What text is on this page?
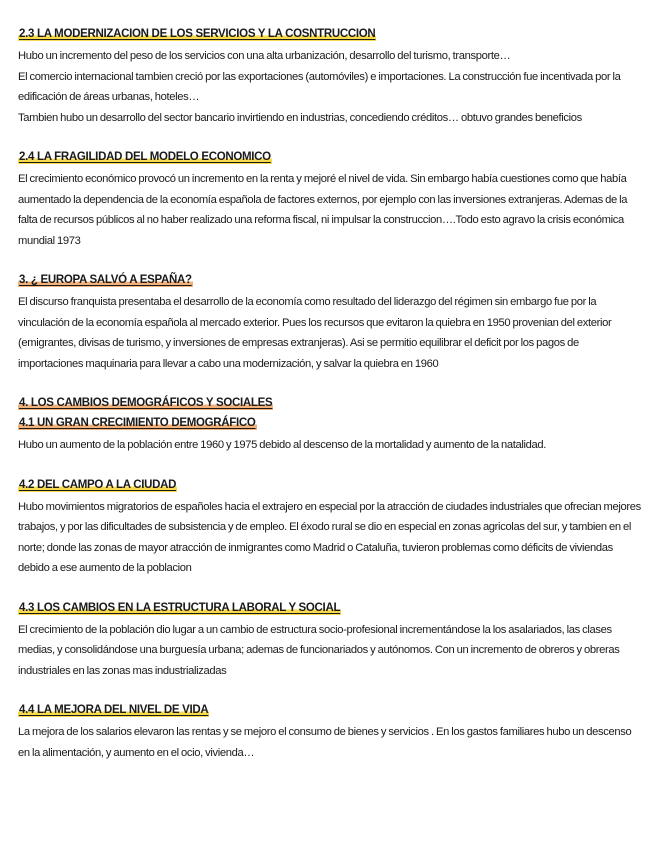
2.3 LA MODERNIZACION DE LOS SERVICIOS Y LA COSNTRUCCION

Hubo un incremento del peso de los servicios con una alta urbanización, desarrollo del turismo, transporte…

El comercio internacional tambien creció por las exportaciones (automóviles) e importaciones. La construcción fue incentivada por la edificación de áreas urbanas, hoteles…

Tambien hubo un desarrollo del sector bancario invirtiendo en industrias, concediendo créditos… obtuvo grandes beneficios

2.4 LA FRAGILIDAD DEL MODELO ECONOMICO

El crecimiento económico provocó un incremento en la renta y mejoré el nivel de vida. Sin embargo había cuestiones como que había aumentado la dependencia de la economía española de factores externos, por ejemplo con las inversiones extranjeras. Ademas de la falta de recursos públicos al no haber realizado una reforma fiscal, ni impulsar la construccion….Todo esto agravo la crisis económica mundial 1973

3. ¿ EUROPA SALVÓ A ESPAÑA?

El discurso franquista presentaba el desarrollo de la economía como resultado del liderazgo del régimen sin embargo fue por la vinculación de la economía española al mercado exterior. Pues los recursos que evitaron la quiebra en 1950 provenian del exterior (emigrantes, divisas de turismo, y inversiones de empresas extranjeras). Asi se permitio equilibrar el deficit por los pagos de importaciones maquinaria para llevar a cabo una modernización, y salvar la quiebra en 1960

4. LOS CAMBIOS DEMOGRÁFICOS Y SOCIALES
4.1 UN GRAN CRECIMIENTO DEMOGRÁFICO

Hubo un aumento de la población entre 1960 y 1975 debido al descenso de la mortalidad y aumento de la natalidad.

4.2 DEL CAMPO A LA CIUDAD

Hubo movimientos migratorios de españoles hacia el extrajero en especial por la atracción de ciudades industriales que ofrecian mejores trabajos, y por las dificultades de subsistencia y de empleo. El éxodo rural se dio en especial en zonas agricolas del sur, y tambien en el norte; donde las zonas de mayor atracción de inmigrantes como Madrid o Cataluña, tuvieron problemas como déficits de viviendas debido a ese aumento de la poblacion

4.3 LOS CAMBIOS EN LA ESTRUCTURA LABORAL Y SOCIAL

El crecimiento de la población dio lugar a un cambio de estructura socio-profesional incrementándose la los asalariados, las clases medias, y consolidándose una burguesía urbana; ademas de funcionariados y autónomos. Con un incremento de obreros y obreras industriales en las zonas mas industrializadas

4.4 LA MEJORA DEL NIVEL DE VIDA

La mejora de los salarios elevaron las rentas y se mejoro el consumo de bienes y servicios . En los gastos familiares hubo un descenso en la alimentación, y aumento en el ocio, vivienda…
